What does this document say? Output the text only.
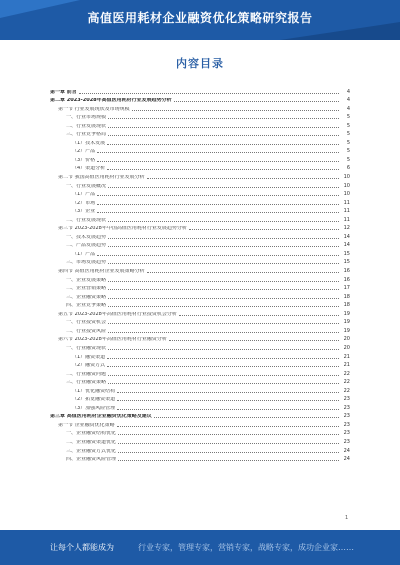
高值医用耗材企业融资优化策略研究报告
内容目录
第一章 前言	4
第二章 2023-2028年高值医用耗材行业发展趋势分析	4
第一节 行业发展现状及市场规模	4
一、行业市场规模	5
二、行业发展现状	5
三、行业竞争格局	5
（1）技术发展	5
（2）产品	5
（3）价格	5
（4）渠道分析	6
第二节 我国高值医用耗材行业发展分析	10
一、行业发展概况	10
（1）产品	10
（2）市场	11
（3）企业	11
二、行业发展现状	11
第三节 2023-2028年中国高值医用耗材行业发展趋势分析	12
一、技术发展趋势	14
二、产品发展趋势	14
（1）产品	15
三、市场发展趋势	15
第四节 高值医用耗材企业发展策略分析	16
一、企业发展策略	16
二、企业营销策略	17
三、企业融资策略	18
四、企业竞争策略	18
第五节 2023-2028年高值医用耗材行业投资机会分析	19
一、行业投资机会	19
二、行业投资风险	19
第六节 2023-2028年高值医用耗材行业融资分析	20
一、行业融资现状	20
（1）融资渠道	21
（2）融资方式	21
二、行业融资问题	22
三、行业融资策略	22
（1）优化融资结构	22
（2）拓宽融资渠道	23
（3）加强风险管理	23
第三章 高值医用耗材企业融资优化策略及建议	23
第一节 企业融资优化策略	23
一、企业融资结构优化	23
二、企业融资渠道优化	23
三、企业融资方式优化	24
四、企业融资风险管理	24
1
让每个人都能成为	行业专家，管理专家，营销专家，战略专家，成功企业家……
